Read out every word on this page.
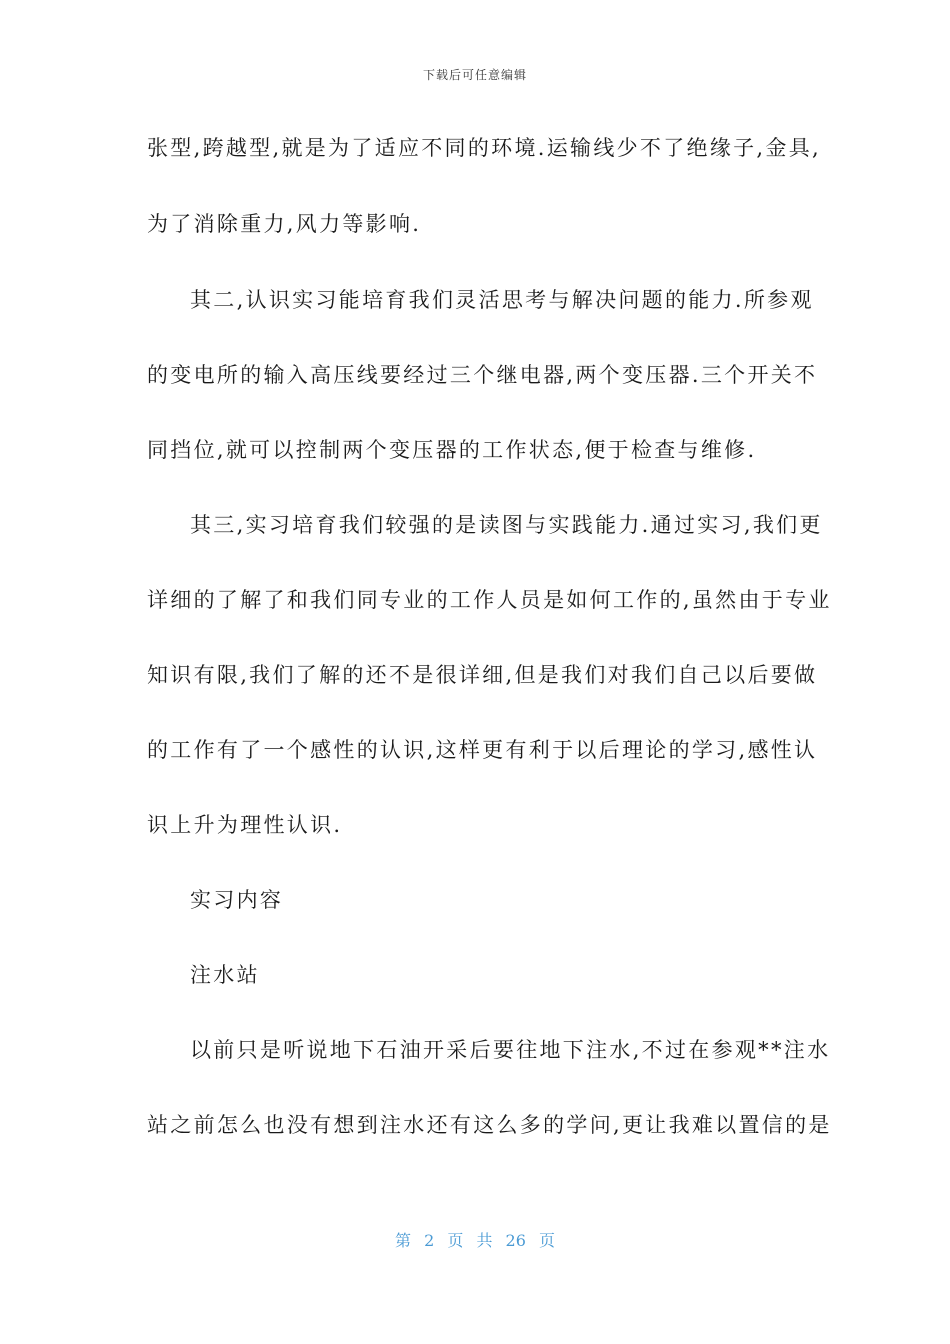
下载后可任意编辑
张型,跨越型,就是为了适应不同的环境.运输线少不了绝缘子,金具,
为了消除重力,风力等影响.
其二,认识实习能培育我们灵活思考与解决问题的能力.所参观
的变电所的输入高压线要经过三个继电器,两个变压器.三个开关不
同挡位,就可以控制两个变压器的工作状态,便于检查与维修.
其三,实习培育我们较强的是读图与实践能力.通过实习,我们更
详细的了解了和我们同专业的工作人员是如何工作的,虽然由于专业
知识有限,我们了解的还不是很详细,但是我们对我们自己以后要做
的工作有了一个感性的认识,这样更有利于以后理论的学习,感性认
识上升为理性认识.
实习内容
注水站
以前只是听说地下石油开采后要往地下注水,不过在参观**注水
站之前怎么也没有想到注水还有这么多的学问,更让我难以置信的是
第 2 页 共 26 页
